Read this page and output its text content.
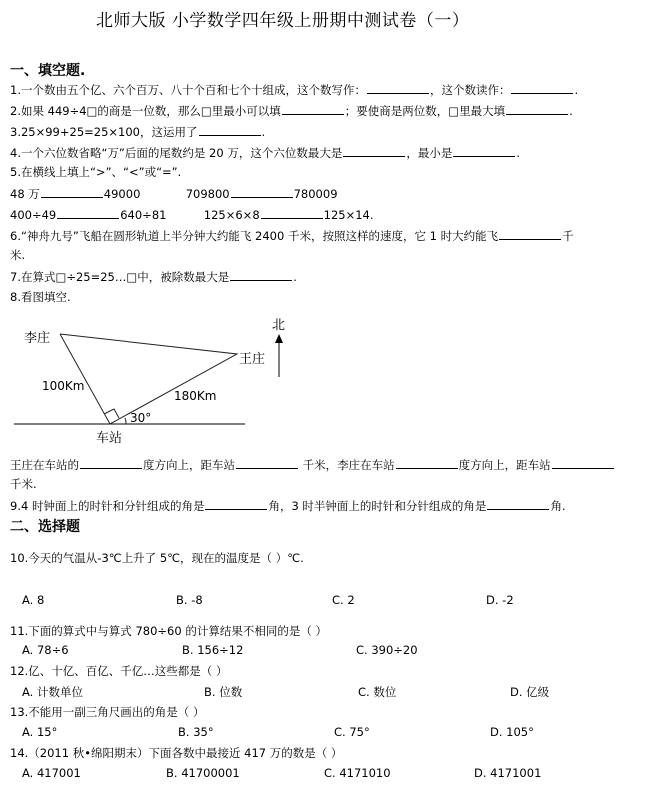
北师大版 小学数学四年级上册期中测试卷（一）
一、填空题.
1.一个数由五个亿、六个百万、八十个百和七个十组成，这个数写作：	，这个数读作：	.
2.如果 449÷4□的商是一位数，那么□里最小可以填	；要使商是两位数，□里最大填	.
3.25×99+25=25×100，这运用了	.
4.一个六位数省略“万”后面的尾数约是 20 万，这个六位数最大是	，最小是	.
5.在横线上填上“>”、“<”或“=”.
48 万	49000	709800	780009
400÷49	640÷81	125×6×8	125×14.
6.“神舟九号”飞船在圆形轨道上半分钟大约能飞 2400 千米，按照这样的速度，它 1 时大约能飞	千
米.
7.在算式□÷25=25…□中，被除数最大是	.
8.看图填空.
李庄
王庄
车站
北
100Km
180Km
30°
王庄在车站的	度方向上，距车站	千米，李庄在车站	度方向上，距车站
千米.
9.4 时钟面上的时针和分针组成的角是	角，3 时半钟面上的时针和分针组成的角是	角.
二、选择题
10.今天的气温从-3℃上升了 5℃，现在的温度是（ ）℃.
A. 8	B. -8	C. 2	D. -2
11.下面的算式中与算式 780÷60 的计算结果不相同的是（ ）
A. 78÷6	B. 156÷12	C. 390÷20
12.亿、十亿、百亿、千亿…这些都是（ ）
A. 计数单位	B. 位数	C. 数位	D. 亿级
13.不能用一副三角尺画出的角是（ ）
A. 15°	B. 35°	C. 75°	D. 105°
14.（2011 秋•绵阳期末）下面各数中最接近 417 万的数是（ ）
A. 417001	B. 41700001	C. 4171010	D. 4171001
